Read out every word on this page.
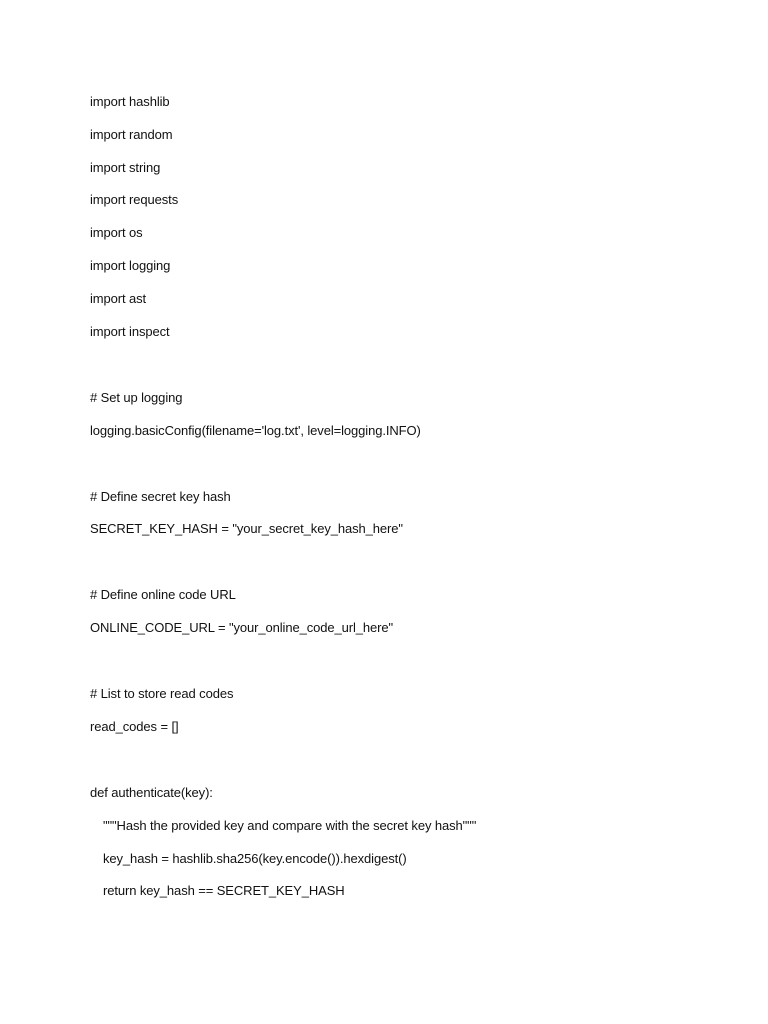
import hashlib
import random
import string
import requests
import os
import logging
import ast
import inspect
# Set up logging
logging.basicConfig(filename='log.txt', level=logging.INFO)
# Define secret key hash
SECRET_KEY_HASH = "your_secret_key_hash_here"
# Define online code URL
ONLINE_CODE_URL = "your_online_code_url_here"
# List to store read codes
read_codes = []
def authenticate(key):
"""Hash the provided key and compare with the secret key hash"""
key_hash = hashlib.sha256(key.encode()).hexdigest()
return key_hash == SECRET_KEY_HASH
